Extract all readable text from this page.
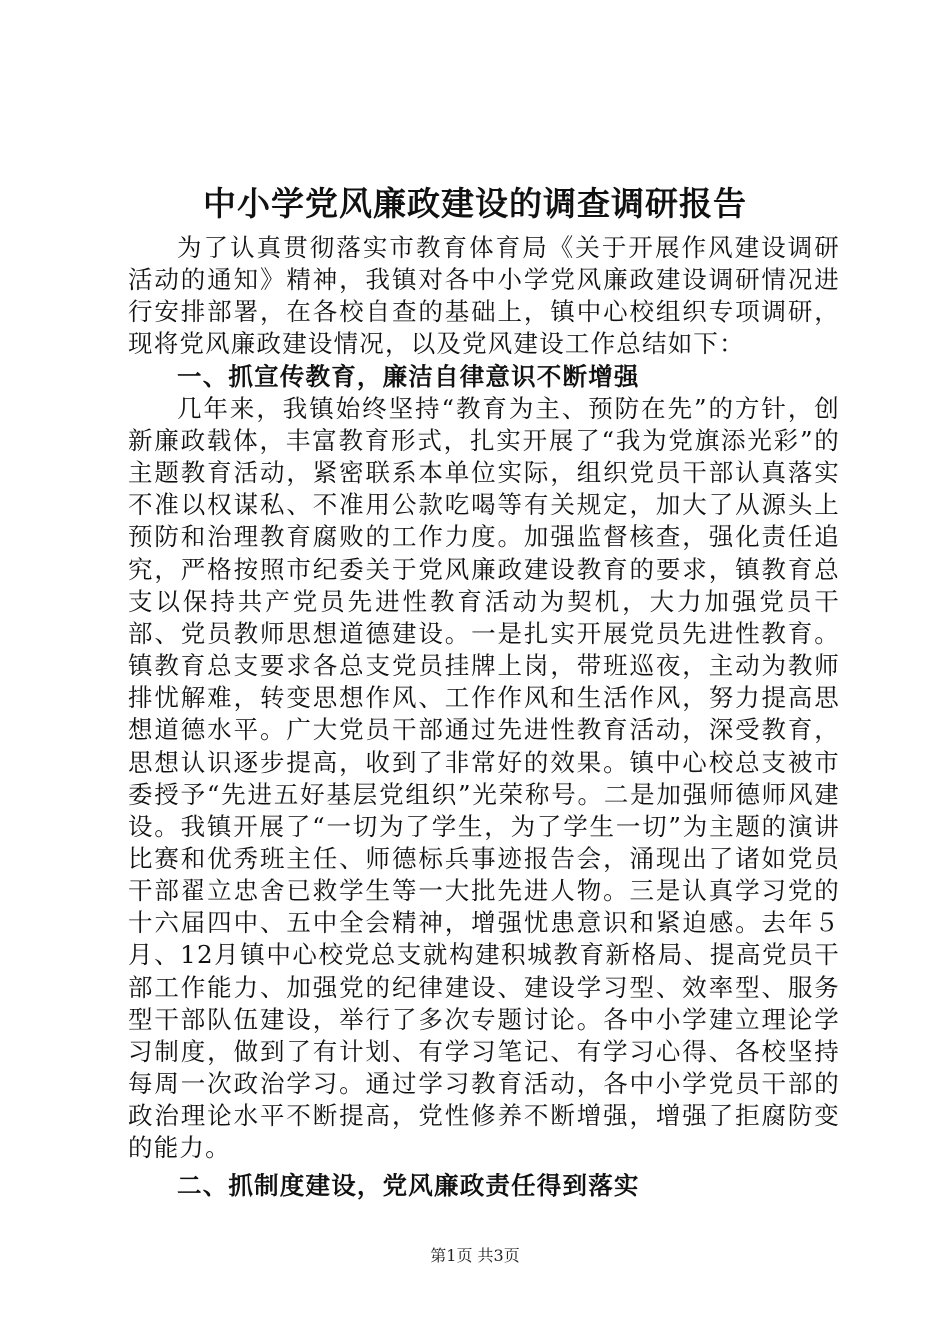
中小学党风廉政建设的调查调研报告

为了认真贯彻落实市教育体育局《关于开展作风建设调研活动的通知》精神，我镇对各中小学党风廉政建设调研情况进行安排部署，在各校自查的基础上，镇中心校组织专项调研，现将党风廉政建设情况，以及党风建设工作总结如下：

一、抓宣传教育，廉洁自律意识不断增强

几年来，我镇始终坚持“教育为主、预防在先”的方针，创新廉政载体，丰富教育形式，扎实开展了“我为党旗添光彩”的主题教育活动，紧密联系本单位实际，组织党员干部认真落实不准以权谋私、不准用公款吃喝等有关规定，加大了从源头上预防和治理教育腐败的工作力度。加强监督核查，强化责任追究，严格按照市纪委关于党风廉政建设教育的要求，镇教育总支以保持共产党员先进性教育活动为契机，大力加强党员干部、党员教师思想道德建设。一是扎实开展党员先进性教育。镇教育总支要求各总支党员挂牌上岗，带班巡夜，主动为教师排忧解难，转变思想作风、工作作风和生活作风，努力提高思想道德水平。广大党员干部通过先进性教育活动，深受教育，思想认识逐步提高，收到了非常好的效果。镇中心校总支被市委授予“先进五好基层党组织”光荣称号。二是加强师德师风建设。我镇开展了“一切为了学生，为了学生一切”为主题的演讲比赛和优秀班主任、师德标兵事迹报告会，涌现出了诸如党员干部翟立忠舍已救学生等一大批先进人物。三是认真学习党的十六届四中、五中全会精神，增强忧患意识和紧迫感。去年５月、12月镇中心校党总支就构建积城教育新格局、提高党员干部工作能力、加强党的纪律建设、建设学习型、效率型、服务型干部队伍建设，举行了多次专题讨论。各中小学建立理论学习制度，做到了有计划、有学习笔记、有学习心得、各校坚持每周一次政治学习。通过学习教育活动，各中小学党员干部的政治理论水平不断提高，党性修养不断增强，增强了拒腐防变的能力。

二、抓制度建设，党风廉政责任得到落实
第1页 共3页
